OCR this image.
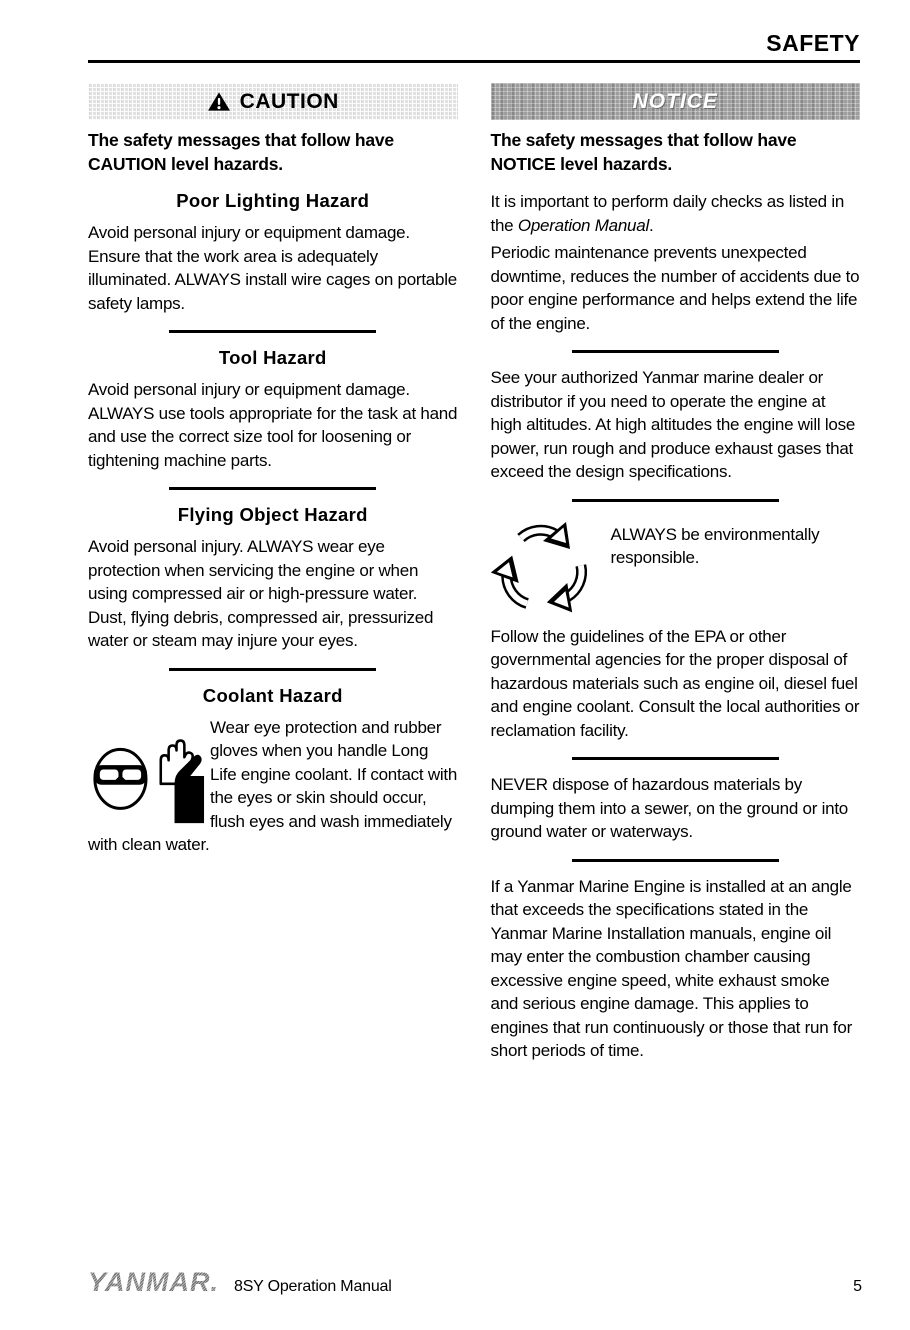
SAFETY
CAUTION

The safety messages that follow have CAUTION level hazards.

Poor Lighting Hazard

Avoid personal injury or equipment damage. Ensure that the work area is adequately illuminated. ALWAYS install wire cages on portable safety lamps.

Tool Hazard

Avoid personal injury or equipment damage. ALWAYS use tools appropriate for the task at hand and use the correct size tool for loosening or tightening machine parts.

Flying Object Hazard

Avoid personal injury. ALWAYS wear eye protection when servicing the engine or when using compressed air or high-pressure water. Dust, flying debris, compressed air, pressurized water or steam may injure your eyes.

Coolant Hazard
Wear eye protection and rubber gloves when you handle Long Life engine coolant. If contact with the eyes or skin should occur, flush eyes and wash immediately with clean water.
NOTICE

The safety messages that follow have NOTICE level hazards.

It is important to perform daily checks as listed in the Operation Manual.

Periodic maintenance prevents unexpected downtime, reduces the number of accidents due to poor engine performance and helps extend the life of the engine.

See your authorized Yanmar marine dealer or distributor if you need to operate the engine at high altitudes. At high altitudes the engine will lose power, run rough and produce exhaust gases that exceed the design specifications.

ALWAYS be environmentally responsible.

Follow the guidelines of the EPA or other governmental agencies for the proper disposal of hazardous materials such as engine oil, diesel fuel and engine coolant. Consult the local authorities or reclamation facility.

NEVER dispose of hazardous materials by dumping them into a sewer, on the ground or into ground water or waterways.

If a Yanmar Marine Engine is installed at an angle that exceeds the specifications stated in the Yanmar Marine Installation manuals, engine oil may enter the combustion chamber causing excessive engine speed, white exhaust smoke and serious engine damage. This applies to engines that run continuously or those that run for short periods of time.

YANMAR. 8SY Operation Manual	5
